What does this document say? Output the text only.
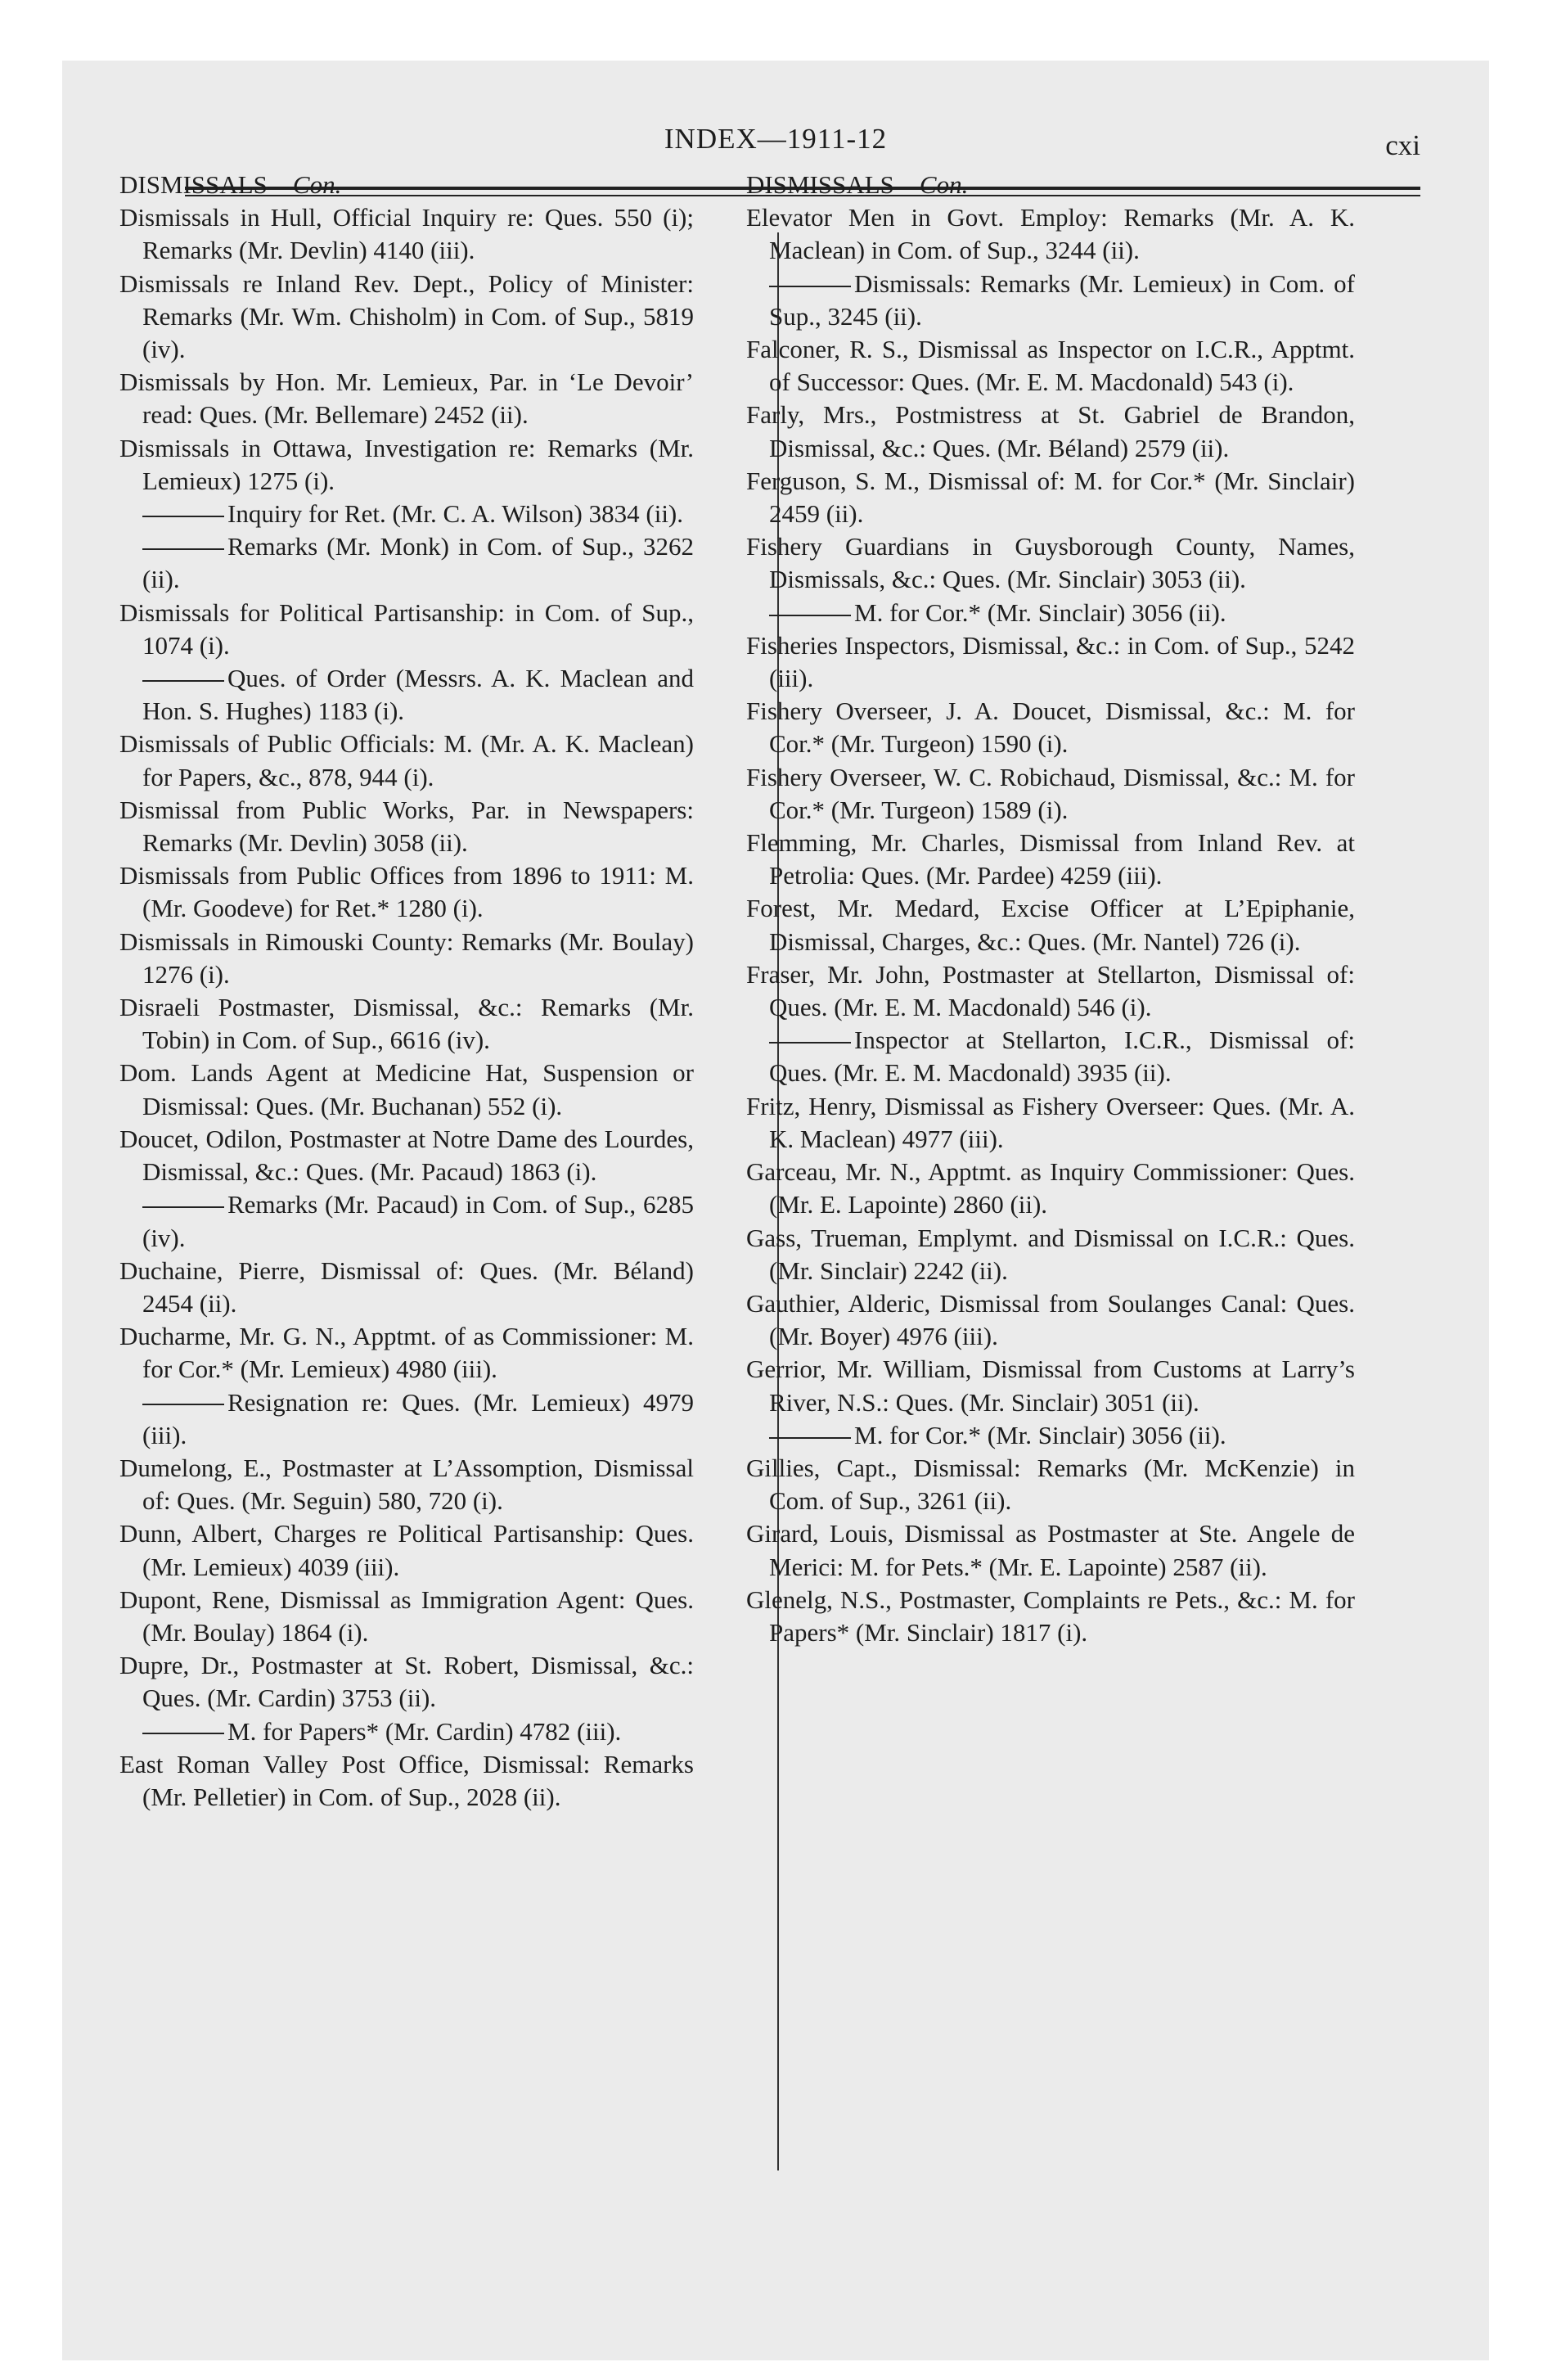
INDEX—1911-12	cxi

DISMISSALS—Con.

Dismissals in Hull, Official Inquiry re: Ques. 550 (i); Remarks (Mr. Devlin) 4140 (iii).

Dismissals re Inland Rev. Dept., Policy of Minister: Remarks (Mr. Wm. Chisholm) in Com. of Sup., 5819 (iv).

Dismissals by Hon. Mr. Lemieux, Par. in ‘Le Devoir’ read: Ques. (Mr. Bellemare) 2452 (ii).

Dismissals in Ottawa, Investigation re: Remarks (Mr. Lemieux) 1275 (i).

Inquiry for Ret. (Mr. C. A. Wilson) 3834 (ii).

Remarks (Mr. Monk) in Com. of Sup., 3262 (ii).

Dismissals for Political Partisanship: in Com. of Sup., 1074 (i).

Ques. of Order (Messrs. A. K. Maclean and Hon. S. Hughes) 1183 (i).

Dismissals of Public Officials: M. (Mr. A. K. Maclean) for Papers, &c., 878, 944 (i).

Dismissal from Public Works, Par. in Newspapers: Remarks (Mr. Devlin) 3058 (ii).

Dismissals from Public Offices from 1896 to 1911: M. (Mr. Goodeve) for Ret.* 1280 (i).

Dismissals in Rimouski County: Remarks (Mr. Boulay) 1276 (i).

Disraeli Postmaster, Dismissal, &c.: Remarks (Mr. Tobin) in Com. of Sup., 6616 (iv).

Dom. Lands Agent at Medicine Hat, Suspension or Dismissal: Ques. (Mr. Buchanan) 552 (i).

Doucet, Odilon, Postmaster at Notre Dame des Lourdes, Dismissal, &c.: Ques. (Mr. Pacaud) 1863 (i).

Remarks (Mr. Pacaud) in Com. of Sup., 6285 (iv).

Duchaine, Pierre, Dismissal of: Ques. (Mr. Béland) 2454 (ii).

Ducharme, Mr. G. N., Apptmt. of as Commissioner: M. for Cor.* (Mr. Lemieux) 4980 (iii).

Resignation re: Ques. (Mr. Lemieux) 4979 (iii).

Dumelong, E., Postmaster at L’Assomption, Dismissal of: Ques. (Mr. Seguin) 580, 720 (i).

Dunn, Albert, Charges re Political Partisanship: Ques. (Mr. Lemieux) 4039 (iii).

Dupont, Rene, Dismissal as Immigration Agent: Ques. (Mr. Boulay) 1864 (i).

Dupre, Dr., Postmaster at St. Robert, Dismissal, &c.: Ques. (Mr. Cardin) 3753 (ii).

M. for Papers* (Mr. Cardin) 4782 (iii).

East Roman Valley Post Office, Dismissal: Remarks (Mr. Pelletier) in Com. of Sup., 2028 (ii).

DISMISSALS—Con.

Elevator Men in Govt. Employ: Remarks (Mr. A. K. Maclean) in Com. of Sup., 3244 (ii).

Dismissals: Remarks (Mr. Lemieux) in Com. of Sup., 3245 (ii).

Falconer, R. S., Dismissal as Inspector on I.C.R., Apptmt. of Successor: Ques. (Mr. E. M. Macdonald) 543 (i).

Farly, Mrs., Postmistress at St. Gabriel de Brandon, Dismissal, &c.: Ques. (Mr. Béland) 2579 (ii).

Ferguson, S. M., Dismissal of: M. for Cor.* (Mr. Sinclair) 2459 (ii).

Fishery Guardians in Guysborough County, Names, Dismissals, &c.: Ques. (Mr. Sinclair) 3053 (ii).

M. for Cor.* (Mr. Sinclair) 3056 (ii).

Fisheries Inspectors, Dismissal, &c.: in Com. of Sup., 5242 (iii).

Fishery Overseer, J. A. Doucet, Dismissal, &c.: M. for Cor.* (Mr. Turgeon) 1590 (i).

Fishery Overseer, W. C. Robichaud, Dismissal, &c.: M. for Cor.* (Mr. Turgeon) 1589 (i).

Flemming, Mr. Charles, Dismissal from Inland Rev. at Petrolia: Ques. (Mr. Pardee) 4259 (iii).

Forest, Mr. Medard, Excise Officer at L’Epiphanie, Dismissal, Charges, &c.: Ques. (Mr. Nantel) 726 (i).

Fraser, Mr. John, Postmaster at Stellarton, Dismissal of: Ques. (Mr. E. M. Macdonald) 546 (i).

Inspector at Stellarton, I.C.R., Dismissal of: Ques. (Mr. E. M. Macdonald) 3935 (ii).

Fritz, Henry, Dismissal as Fishery Overseer: Ques. (Mr. A. K. Maclean) 4977 (iii).

Garceau, Mr. N., Apptmt. as Inquiry Commissioner: Ques. (Mr. E. Lapointe) 2860 (ii).

Gass, Trueman, Emplymt. and Dismissal on I.C.R.: Ques. (Mr. Sinclair) 2242 (ii).

Gauthier, Alderic, Dismissal from Soulanges Canal: Ques. (Mr. Boyer) 4976 (iii).

Gerrior, Mr. William, Dismissal from Customs at Larry’s River, N.S.: Ques. (Mr. Sinclair) 3051 (ii).

M. for Cor.* (Mr. Sinclair) 3056 (ii).

Gillies, Capt., Dismissal: Remarks (Mr. McKenzie) in Com. of Sup., 3261 (ii).

Girard, Louis, Dismissal as Postmaster at Ste. Angele de Merici: M. for Pets.* (Mr. E. Lapointe) 2587 (ii).

Glenelg, N.S., Postmaster, Complaints re Pets., &c.: M. for Papers* (Mr. Sinclair) 1817 (i).
